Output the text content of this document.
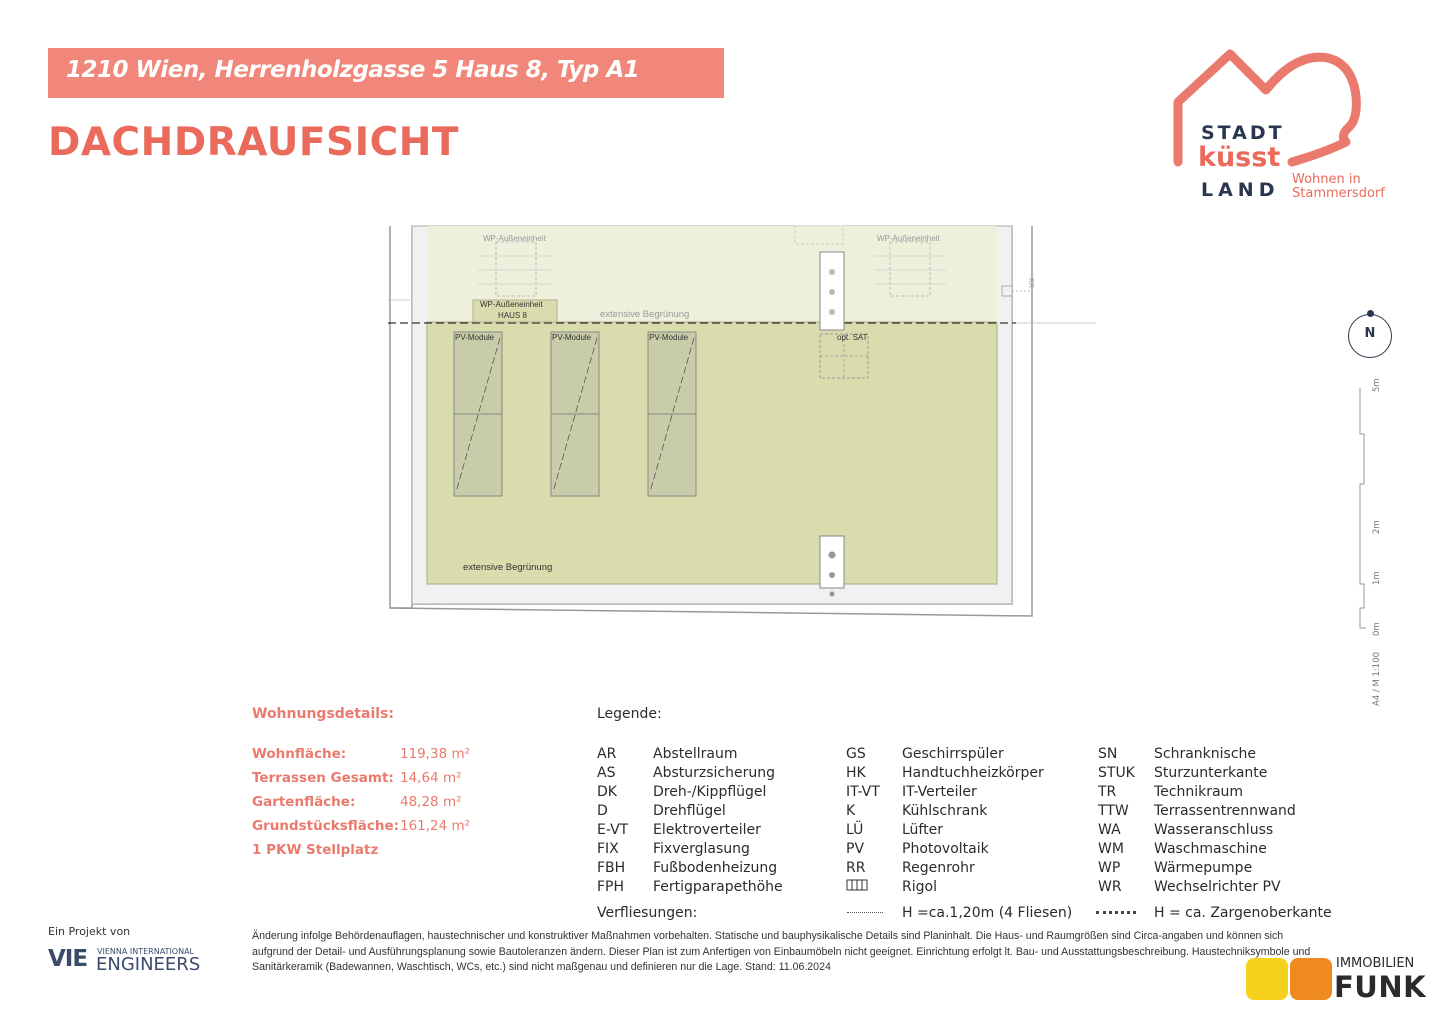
1210 Wien, Herrenholzgasse 5 Haus 8, Typ A1
DACHDRAUFSICHT	STADT
küsst
LAND Wohnen in
Stammersdorf
WP-Außeneinheit	WP-Außeneinheit
WP-Außeneinheit
HAUS 8	extensive Begrünung
PV-Module	PV-Module	PV-Module	opt. SAT
extensive Begrünung
RR
N
5m
2m
1m
0m
A4 / M 1:100
Wohnungsdetails:
Wohnfläche:	119,38 m²
Terrassen Gesamt: 14,64 m²
Gartenfläche:	48,28 m²
Grundstücksfläche: 161,24 m²
1 PKW Stellplatz
Legende:
AR	Abstellraum
AS	Absturzsicherung
DK	Dreh-/Kippflügel
D	Drehflügel
E-VT Elektroverteiler
FIX Fixverglasung
FBH Fußbodenheizung
FPH Fertigparapethöhe
GS	Geschirrspüler
HK	Handtuchheizkörper
IT-VT IT-Verteiler
K	Kühlschrank
LÜ	Lüfter
PV	Photovoltaik
RR	Regenrohr
Rigol
SN	Schranknische
STUK Sturzunterkante
TR	Technikraum
TTW Terrassentrennwand
WA Wasseranschluss
WM Waschmaschine
WP Wärmepumpe
WR Wechselrichter PV
Verfliesungen:	H =ca.1,20m (4 Fliesen)	H = ca. Zargenoberkante
Ein Projekt von
VIE VIENNA INTERNATIONAL
ENGINEERS
Änderung infolge Behördenauflagen, haustechnischer und konstruktiver Maßnahmen vorbehalten. Statische und bauphysikalische Details sind Planinhalt. Die Haus- und Raumgrößen sind Circa-angaben und können sich aufgrund der Detail- und Ausführungsplanung sowie Bautoleranzen ändern. Dieser Plan ist zum Anfertigen von Einbaumöbeln nicht geeignet. Einrichtung erfolgt lt. Bau- und Ausstattungsbeschreibung. Haustechniksymbole und Sanitärkeramik (Badewannen, Waschtisch, WCs, etc.) sind nicht maßgenau und definieren nur die Lage. Stand: 11.06.2024	IMMOBILIEN
FUNK
